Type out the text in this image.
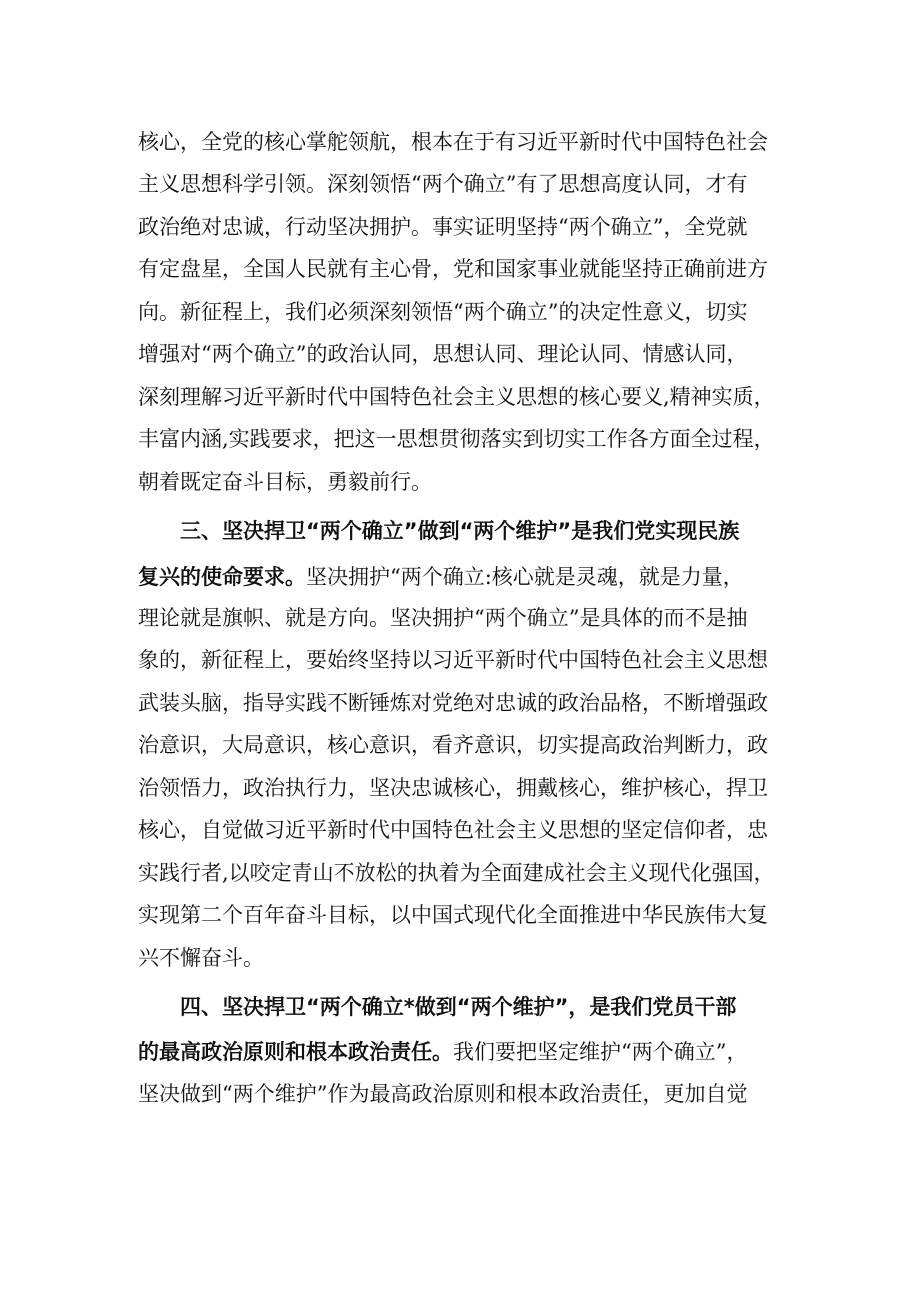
核心，全党的核心掌舵领航，根本在于有习近平新时代中国特色社会
主义思想科学引领。深刻领悟“两个确立”有了思想高度认同，才有
政治绝对忠诚，行动坚决拥护。事实证明坚持“两个确立”，全党就
有定盘星，全国人民就有主心骨，党和国家事业就能坚持正确前进方
向。新征程上，我们必须深刻领悟“两个确立”的决定性意义，切实
增强对“两个确立”的政治认同，思想认同、理论认同、情感认同，
深刻理解习近平新时代中国特色社会主义思想的核心要义,精神实质，
丰富内涵,实践要求，把这一思想贯彻落实到切实工作各方面全过程，
朝着既定奋斗目标，勇毅前行。
三、坚决捍卫“两个确立”做到“两个维护”是我们党实现民族
复兴的使命要求。坚决拥护“两个确立:核心就是灵魂，就是力量，
理论就是旗帜、就是方向。坚决拥护“两个确立”是具体的而不是抽
象的，新征程上，要始终坚持以习近平新时代中国特色社会主义思想
武装头脑，指导实践不断锤炼对党绝对忠诚的政治品格，不断增强政
治意识，大局意识，核心意识，看齐意识，切实提高政治判断力，政
治领悟力，政治执行力，坚决忠诚核心，拥戴核心，维护核心，捍卫
核心，自觉做习近平新时代中国特色社会主义思想的坚定信仰者，忠
实践行者,以咬定青山不放松的执着为全面建成社会主义现代化强国，
实现第二个百年奋斗目标，以中国式现代化全面推进中华民族伟大复
兴不懈奋斗。
四、坚决捍卫“两个确立*做到“两个维护”，是我们党员干部
的最高政治原则和根本政治责任。我们要把坚定维护“两个确立”，
坚决做到“两个维护”作为最高政治原则和根本政治责任，更加自觉
